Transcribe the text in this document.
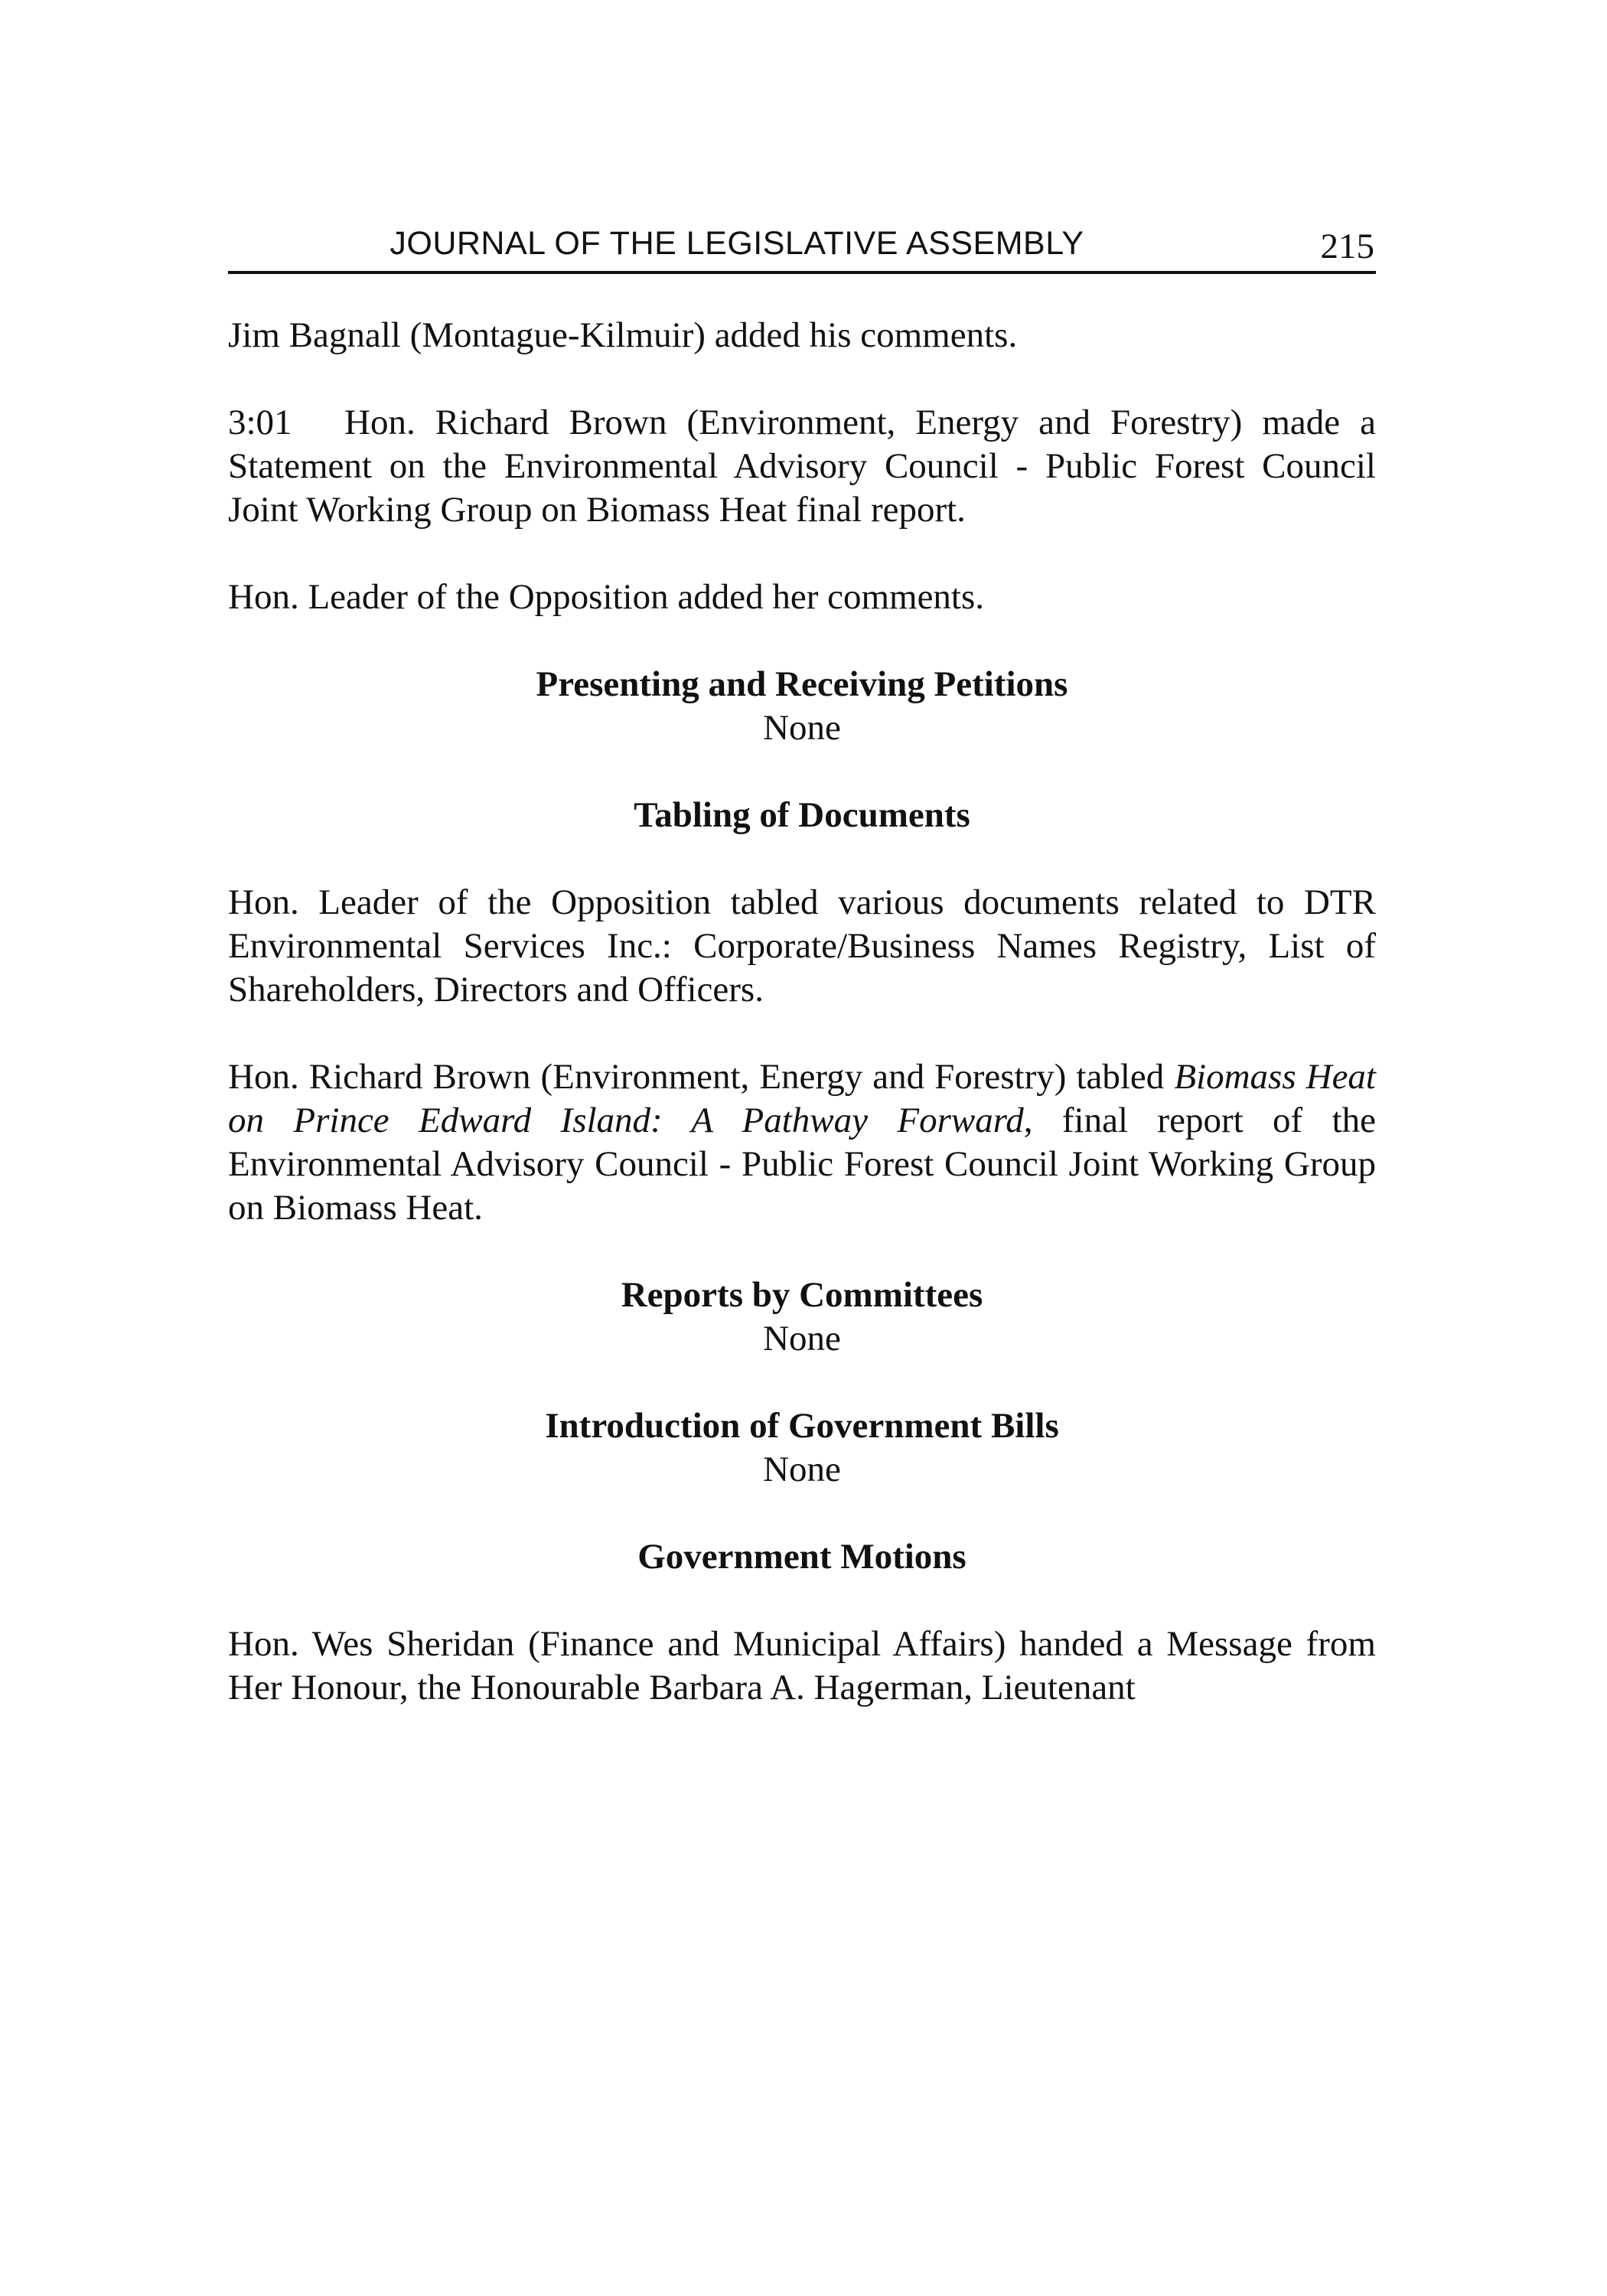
JOURNAL OF THE LEGISLATIVE ASSEMBLY	215

Jim Bagnall (Montague-Kilmuir) added his comments.

3:01 Hon. Richard Brown (Environment, Energy and Forestry) made a Statement on the Environmental Advisory Council - Public Forest Council Joint Working Group on Biomass Heat final report.

Hon. Leader of the Opposition added her comments.

Presenting and Receiving Petitions
None
Tabling of Documents

Hon. Leader of the Opposition tabled various documents related to DTR Environmental Services Inc.: Corporate/Business Names Registry, List of Shareholders, Directors and Officers.

Hon. Richard Brown (Environment, Energy and Forestry) tabled Biomass Heat on Prince Edward Island: A Pathway Forward, final report of the Environmental Advisory Council - Public Forest Council Joint Working Group on Biomass Heat.

Reports by Committees
None
Introduction of Government Bills
None
Government Motions

Hon. Wes Sheridan (Finance and Municipal Affairs) handed a Message from Her Honour, the Honourable Barbara A. Hagerman, Lieutenant
